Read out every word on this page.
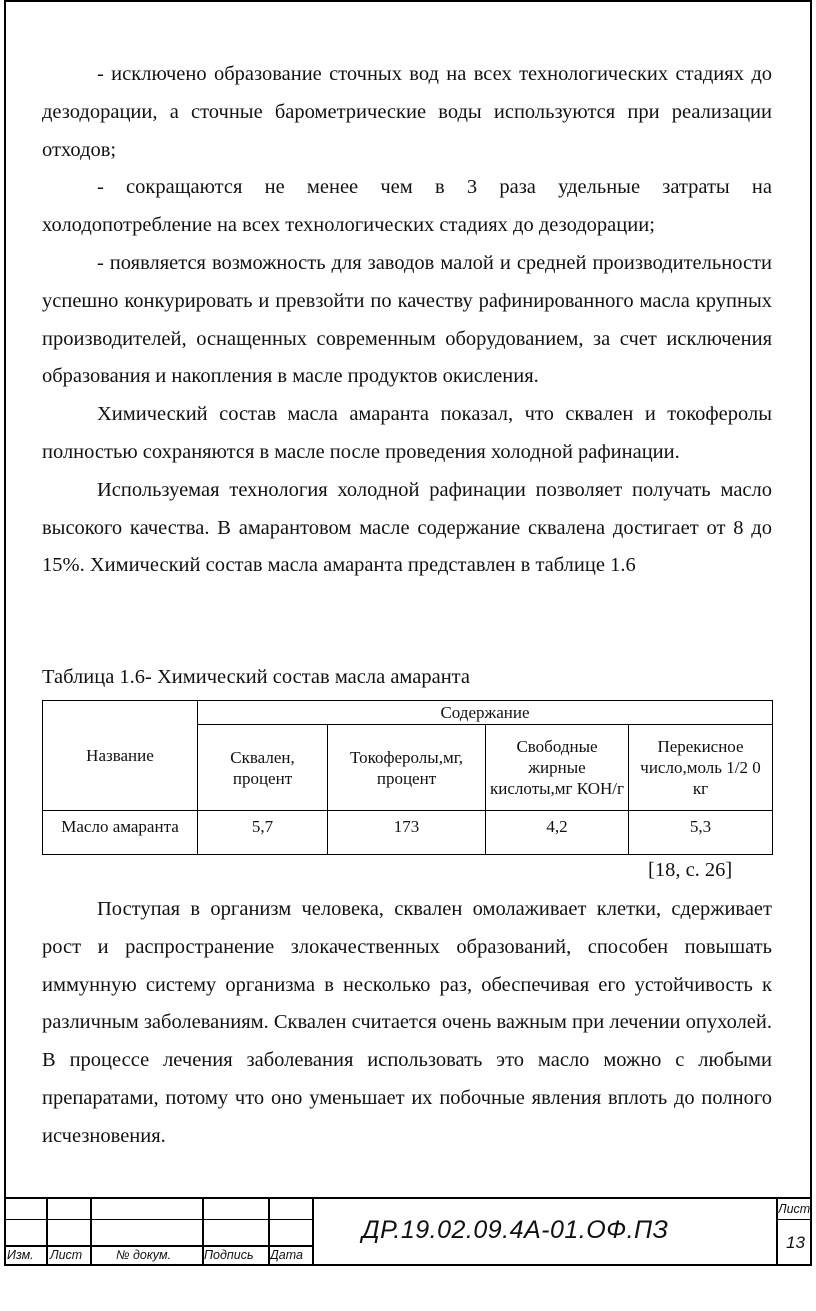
- исключено образование сточных вод на всех технологических стадиях до дезодорации, а сточные барометрические воды используются при реализации отходов;

- сокращаются не менее чем в 3 раза удельные затраты на холодопотребление на всех технологических стадиях до дезодорации;

- появляется возможность для заводов малой и средней производительности успешно конкурировать и превзойти по качеству рафинированного масла крупных производителей, оснащенных современным оборудованием, за счет исключения образования и накопления в масле продуктов окисления.

Химический состав масла амаранта показал, что сквален и токоферолы полностью сохраняются в масле после проведения холодной рафинации.

Используемая технология холодной рафинации позволяет получать масло высокого качества. В амарантовом масле содержание сквалена достигает от 8 до 15%. Химический состав масла амаранта представлен в таблице 1.6

Таблица 1.6- Химический состав масла амаранта
Название	Содержание			
	Сквален, процент	Токоферолы,мг, процент	Свободные жирные кислоты,мг КОН/г	Перекисное число,моль 1/2 0 кг
Масло амаранта	5,7	173	4,2	5,3
[18, с. 26]

Поступая в организм человека, сквален омолаживает клетки, сдерживает рост и распространение злокачественных образований, способен повышать иммунную систему организма в несколько раз, обеспечивая его устойчивость к различным заболеваниям. Сквален считается очень важным при лечении опухолей. В процессе лечения заболевания использовать это масло можно с любыми препаратами, потому что оно уменьшает их побочные явления вплоть до полного исчезновения.

Изм. Лист	№ докум.	Подпись Дата
ДР.19.02.09.4А-01.ОФ.ПЗ
Лист
13
